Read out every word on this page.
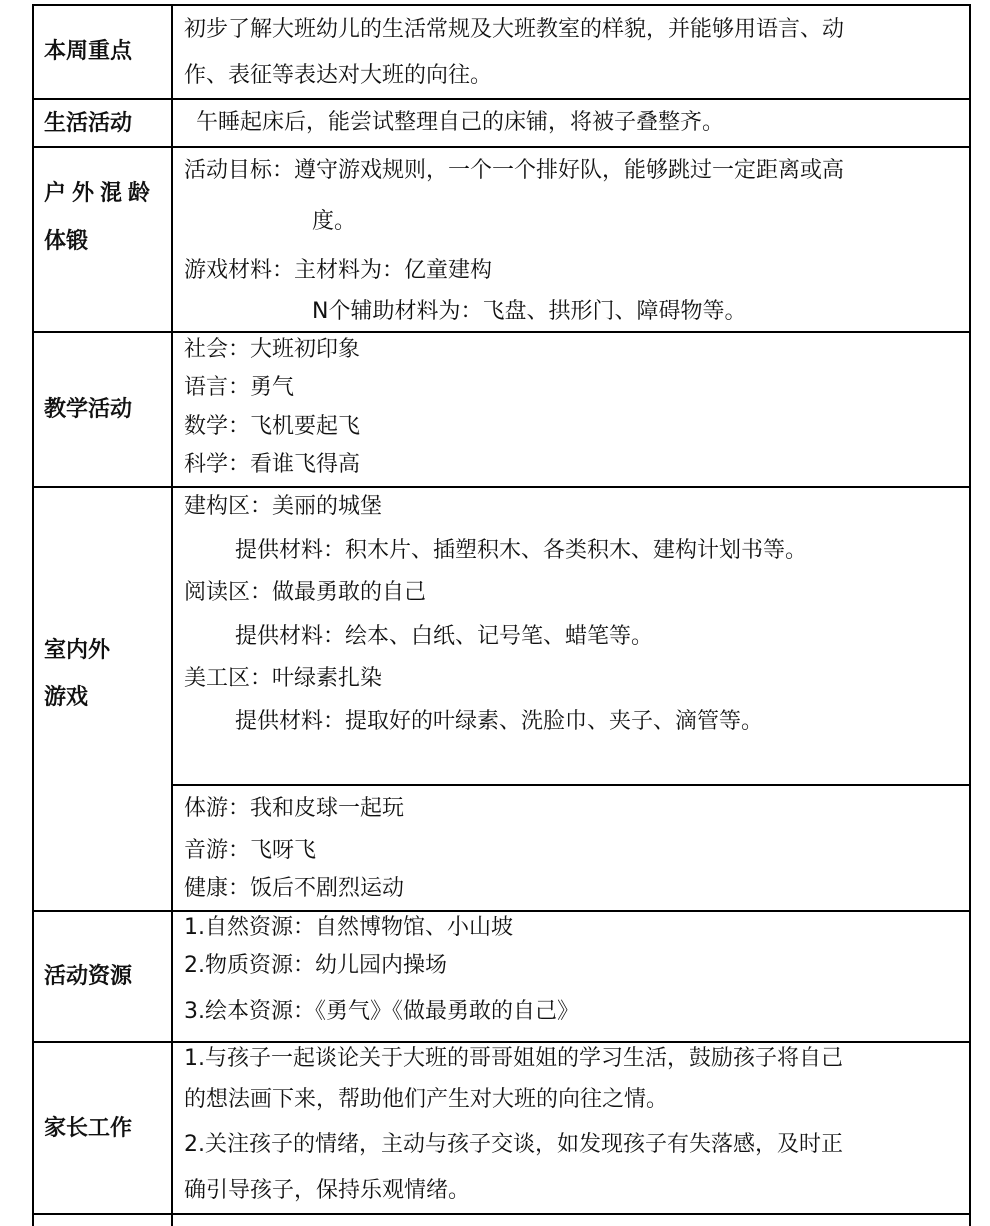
本周重点
初步了解大班幼儿的生活常规及大班教室的样貌，并能够用语言、动
作、表征等表达对大班的向往。
生活活动	午睡起床后，能尝试整理自己的床铺，将被子叠整齐。
户外混龄
体锻
活动目标：遵守游戏规则，一个一个排好队，能够跳过一定距离或高
度。
游戏材料：主材料为：亿童建构
N个辅助材料为：飞盘、拱形门、障碍物等。
教学活动
社会：大班初印象
语言：勇气
数学：飞机要起飞
科学：看谁飞得高
室内外
游戏
建构区：美丽的城堡
提供材料：积木片、插塑积木、各类积木、建构计划书等。
阅读区：做最勇敢的自己
提供材料：绘本、白纸、记号笔、蜡笔等。
美工区：叶绿素扎染
提供材料：提取好的叶绿素、洗脸巾、夹子、滴管等。
体游：我和皮球一起玩
音游：飞呀飞
健康：饭后不剧烈运动
活动资源
1.自然资源：自然博物馆、小山坡
2.物质资源：幼儿园内操场
3.绘本资源：《勇气》《做最勇敢的自己》
家长工作
1.与孩子一起谈论关于大班的哥哥姐姐的学习生活，鼓励孩子将自己
的想法画下来，帮助他们产生对大班的向往之情。
2.关注孩子的情绪，主动与孩子交谈，如发现孩子有失落感，及时正
确引导孩子，保持乐观情绪。
